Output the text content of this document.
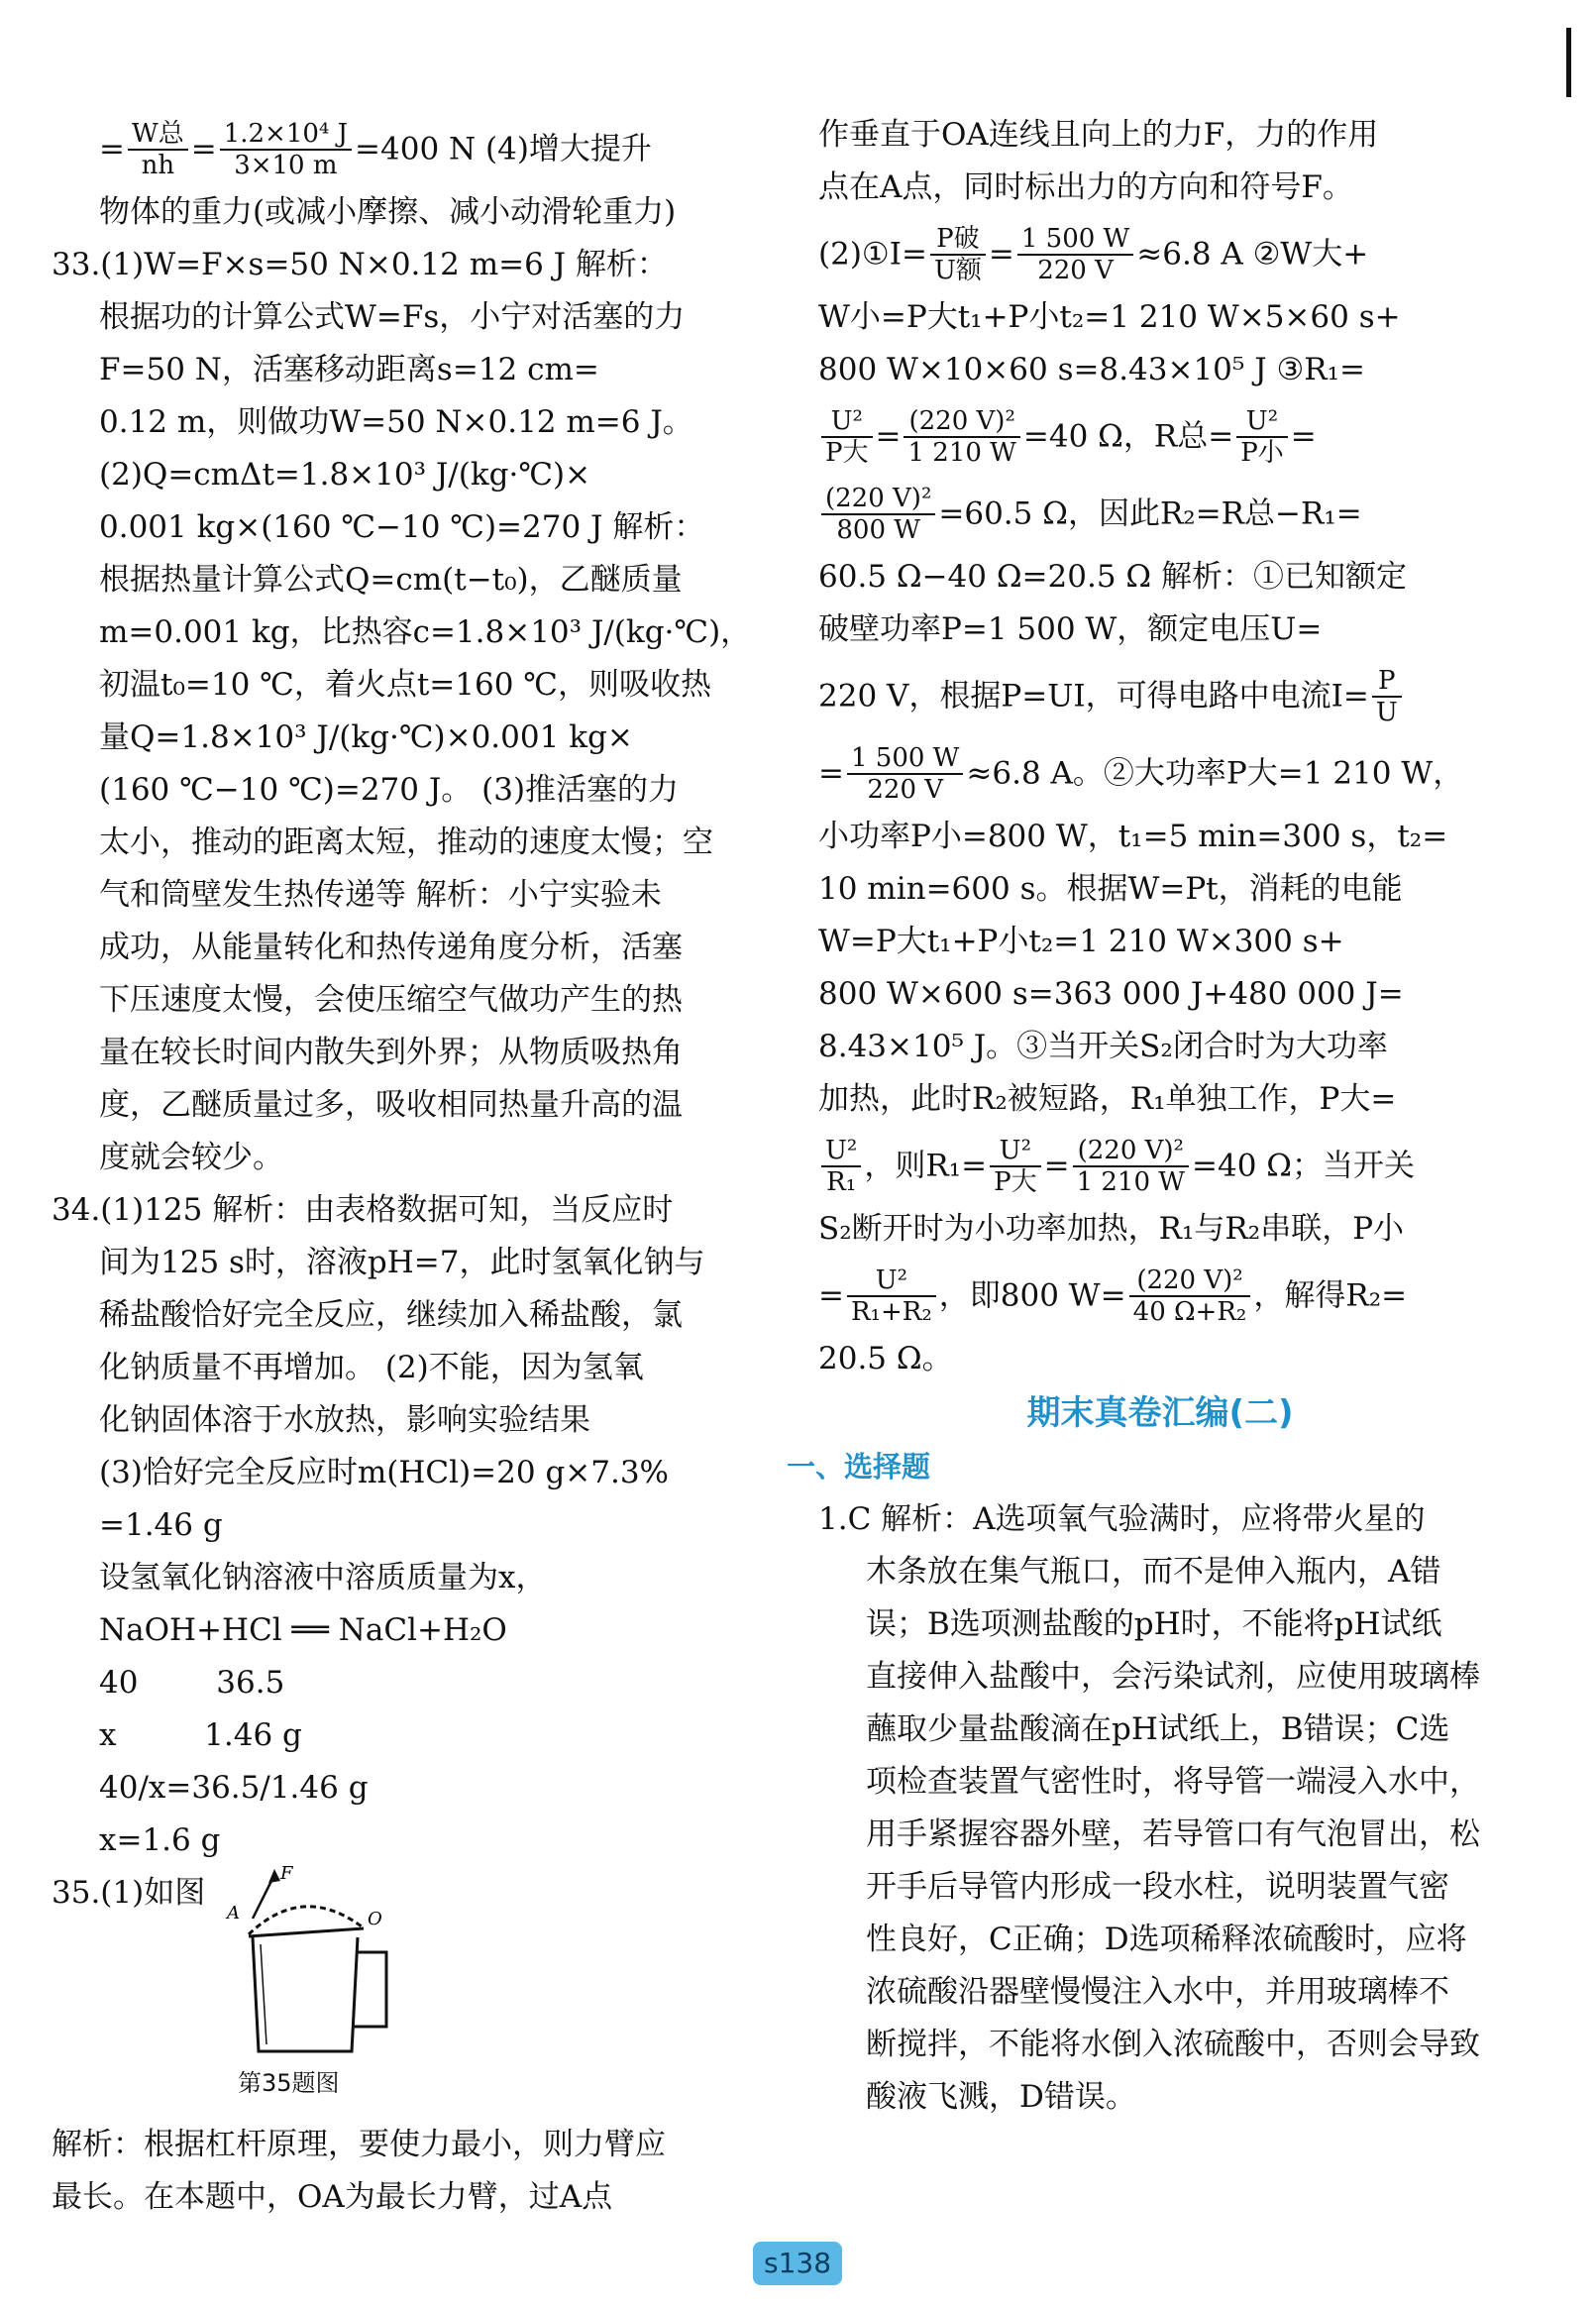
= $\frac{\text{W总}}{nh} = \frac{\text{1.2×10⁴ J}}{3\times 10 m} =400$ N (4)增大提升
物体的重力(或减小摩擦、减小动滑轮重力)
33.(1)W=F×s=50 N×0.12 m=6 J 解析：
根据功的计算公式W=Fs，小宁对活塞的力
F=50 N，活塞移动距离s=12 cm=
0.12 m，则做功W=50 N×0.12 m=6 J。
(2)Q=cmΔt=1.8×10³ J/(kg·℃)×
0.001 kg×(160 ℃−10 ℃)=270 J 解析：
根据热量计算公式Q=cm(t−t₀)，乙醚质量
m=0.001 kg，比热容c=1.8×10³ J/(kg·℃)，
初温t₀=10 ℃，着火点t=160 ℃，则吸收热
量Q=1.8×10³ J/(kg·℃)×0.001 kg×
(160 ℃−10 ℃)=270 J。 (3)推活塞的力
太小，推动的距离太短，推动的速度太慢；空
气和筒壁发生热传递等 解析：小宁实验未
成功，从能量转化和热传递角度分析，活塞
下压速度太慢，会使压缩空气做功产生的热
量在较长时间内散失到外界；从物质吸热角
度，乙醚质量过多，吸收相同热量升高的温
度就会较少。
34.(1)125 解析：由表格数据可知，当反应时
间为125 s时，溶液pH=7，此时氢氧化钠与
稀盐酸恰好完全反应，继续加入稀盐酸，氯
化钠质量不再增加。 (2)不能，因为氢氧
化钠固体溶于水放热，影响实验结果
(3)恰好完全反应时m(HCl)=20 g×7.3%
=1.46 g
设氢氧化钠溶液中溶质质量为x，
NaOH+HCl ══ NaCl+H₂O
40        36.5
x         1.46 g
40/x=36.5/1.46 g
x=1.6 g
35.(1)如图
F
A	O
第35题图
解析：根据杠杆原理，要使力最小，则力臂应
最长。在本题中，OA为最长力臂，过A点
作垂直于OA连线且向上的力F，力的作用
点在A点，同时标出力的方向和符号F。
(2)①I= $\frac{\text{P破}}{\text{U额}} = \frac{1 500 W}{220 V} \approx 6.8$ A ②W大+
W小=P大t₁+P小t₂=1 210 W×5×60 s+
800 W×10×60 s=8.43×10⁵ J ③R₁=
$\frac{\text{U²}}{\text{P大}} = \frac{\text{(220 V)²}}{1 210 W} =40$ Ω，R总= $\frac{\text{U²}}{\text{P小}}$ =
$\frac{\text{(220 V)²}}{800 W} =60.5$ Ω，因此R₂=R总−R₁=
60.5 Ω−40 Ω=20.5 Ω 解析：①已知额定
破壁功率P=1 500 W，额定电压U=
220 V，根据P=UI，可得电路中电流$I= \frac{P}{U}$
= $\frac{1 500 W}{220 V} \approx 6.8$ A。②大功率P大=1 210 W，
小功率P小=800 W，t₁=5 min=300 s，t₂=
10 min=600 s。根据W=Pt，消耗的电能
W=P大t₁+P小t₂=1 210 W×300 s+
800 W×600 s=363 000 J+480 000 J=
8.43×10⁵ J。③当开关S₂闭合时为大功率
加热，此时R₂被短路，R₁单独工作，P大=
$\frac{\text{U²}}{\text{R₁}}$ ，则$R_1= \frac{\text{U²}}{\text{P大}} = \frac{\text{(220 V)²}}{1 210 W} =40$ Ω；当开关
S₂断开时为小功率加热，R₁与R₂串联，P小
= $\frac{\text{U²}}{\text{R₁+R₂}}$ ，即800 $W= \frac{\text{(220 V)²}}{\text{40 Ω+R₂}}$ ，解得R₂=
20.5 Ω。
期末真卷汇编(二)
一、选择题
1.C 解析：A选项氧气验满时，应将带火星的
木条放在集气瓶口，而不是伸入瓶内，A错
误；B选项测盐酸的pH时，不能将pH试纸
直接伸入盐酸中，会污染试剂，应使用玻璃棒
蘸取少量盐酸滴在pH试纸上，B错误；C选
项检查装置气密性时，将导管一端浸入水中，
用手紧握容器外壁，若导管口有气泡冒出，松
开手后导管内形成一段水柱，说明装置气密
性良好，C正确；D选项稀释浓硫酸时，应将
浓硫酸沿器壁慢慢注入水中，并用玻璃棒不
断搅拌，不能将水倒入浓硫酸中，否则会导致
酸液飞溅，D错误。
s138
